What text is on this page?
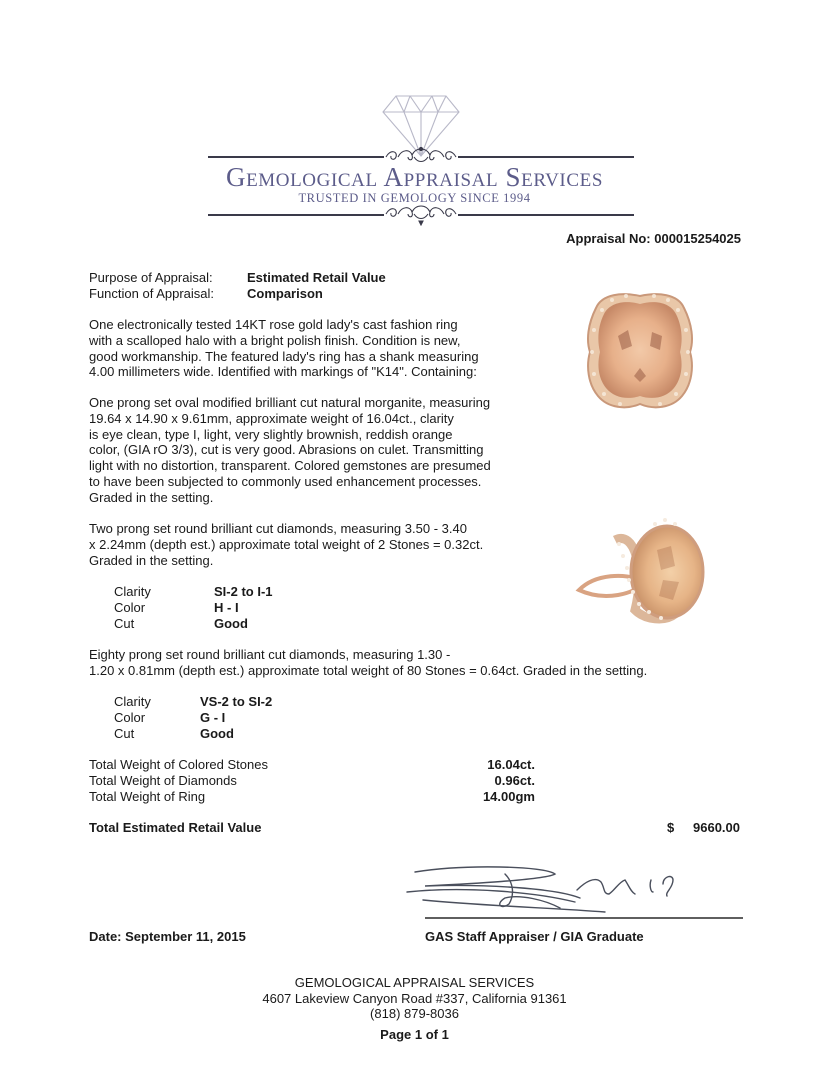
Gemological Appraisal Services
TRUSTED IN GEMOLOGY SINCE 1994
Appraisal No: 000015254025
Purpose of Appraisal:	Estimated Retail Value
Function of Appraisal:	Comparison
One electronically tested 14KT rose gold lady's cast fashion ring
with a scalloped halo with a bright polish finish. Condition is new,
good workmanship. The featured lady's ring has a shank measuring
4.00 millimeters wide. Identified with markings of "K14". Containing:
One prong set oval modified brilliant cut natural morganite, measuring
19.64 x 14.90 x 9.61mm, approximate weight of 16.04ct., clarity
is eye clean, type I, light, very slightly brownish, reddish orange
color, (GIA rO 3/3), cut is very good. Abrasions on culet. Transmitting
light with no distortion, transparent. Colored gemstones are presumed
to have been subjected to commonly used enhancement processes.
Graded in the setting.
Two prong set round brilliant cut diamonds, measuring 3.50 - 3.40
x 2.24mm (depth est.) approximate total weight of 2 Stones = 0.32ct.
Graded in the setting.
Clarity	SI-2 to I-1
Color	H - I
Cut	Good
Eighty prong set round brilliant cut diamonds, measuring 1.30 -
1.20 x 0.81mm (depth est.) approximate total weight of 80 Stones = 0.64ct. Graded in the setting.
Clarity	VS-2 to SI-2
Color	G - I
Cut	Good
Total Weight of Colored Stones	16.04ct.
Total Weight of Diamonds	0.96ct.
Total Weight of Ring	14.00gm
Total Estimated Retail Value	$ 9660.00
Date: September 11, 2015	GAS Staff Appraiser / GIA Graduate
GEMOLOGICAL APPRAISAL SERVICES
4607 Lakeview Canyon Road #337, California 91361
(818) 879-8036
Page 1 of 1
